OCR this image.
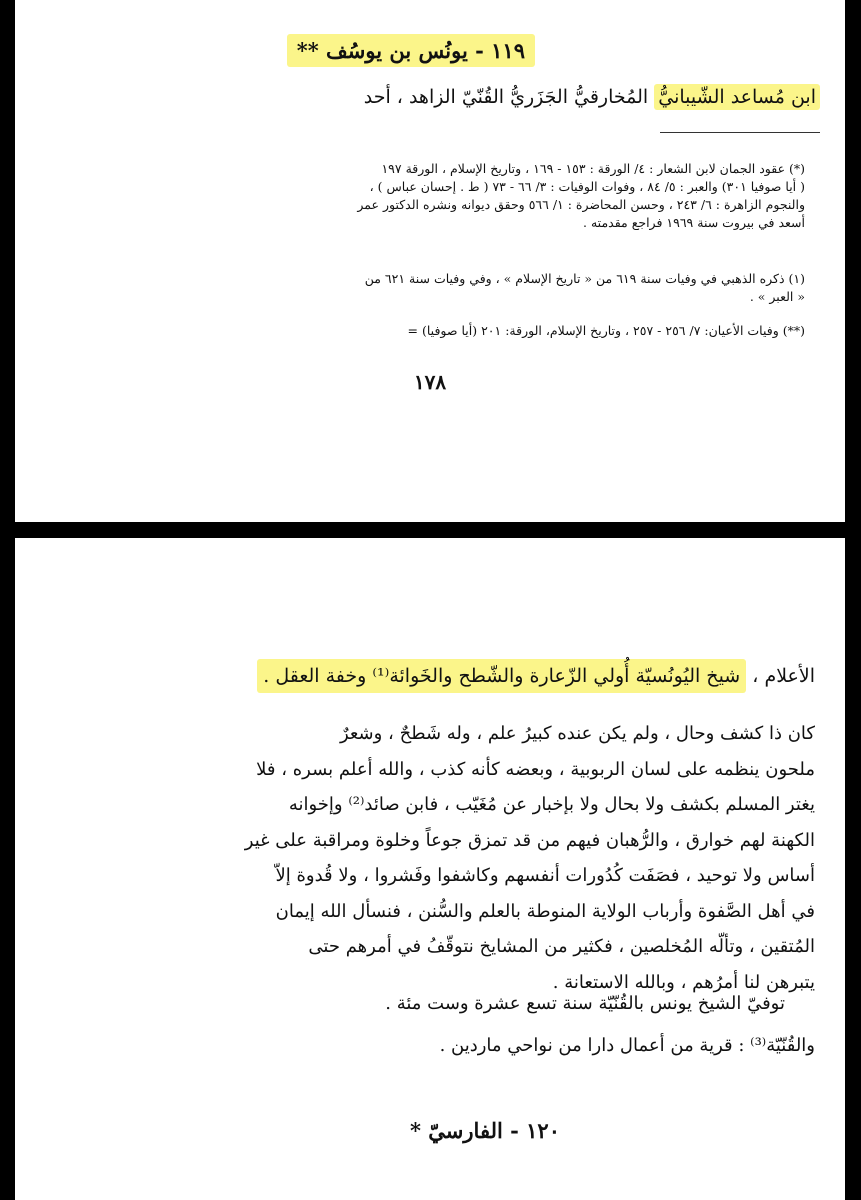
١١٩ - يونُس بن يوسُف **
ابن مُساعد الشّيبانيُّ المُخارقيُّ الجَزَريُّ القُنّيّ الزاهد ، أحد
(*) عقود الجمان لابن الشعار : ٤/ الورقة : ١٥٣ - ١٦٩ ، وتاريخ الإسلام ، الورقة ١٩٧
( أيا صوفيا ٣٠١) والعبر : ٥/ ٨٤ ، وفوات الوفيات : ٣/ ٦٦ - ٧٣ ( ط . إحسان عباس ) ،
والنجوم الزاهرة : ٦/ ٢٤٣ ، وحسن المحاضرة : ١/ ٥٦٦ وحقق ديوانه ونشره الدكتور عمر
أسعد في بيروت سنة ١٩٦٩ فراجع مقدمته .
(١) ذكره الذهبي في وفيات سنة ٦١٩ من « تاريخ الإسلام » ، وفي وفيات سنة ٦٢١ من
« العبر » .
(**) وفيات الأعيان: ٧/ ٢٥٦ - ٢٥٧ ، وتاريخ الإسلام، الورقة: ٢٠١ (أيا صوفيا) =
١٧٨
الأعلام ، شيخ اليُونُسيّة أُولي الزّعارة والشّطح والخَوائة⁽¹⁾ وخفة العقل .
كان ذا كشف وحال ، ولم يكن عنده كبيرُ علم ، وله شَطحٌ ، وشعرٌ
ملحون ينظمه على لسان الربوبية ، وبعضه كأنه كذب ، والله أعلم بسره ، فلا
يغتر المسلم بكشف ولا بحال ولا بإخبار عن مُغَيّب ، فابن صائد⁽²⁾ وإخوانه
الكهنة لهم خوارق ، والرُّهبان فيهم من قد تمزق جوعاً وخلوة ومراقبة على غير
أساس ولا توحيد ، فصَفَت كُدُورات أنفسهم وكاشفوا وفَشروا ، ولا قُدوة إلاّ
في أهل الصَّفوة وأرباب الولاية المنوطة بالعلم والسُّنن ، فنسأل الله إيمان
المُتقين ، وتألّه المُخلصين ، فكثير من المشايخ نتوقّفُ في أمرهم حتى
يتبرهن لنا أمرُهم ، وبالله الاستعانة .
توفيّ الشيخ يونس بالقُنّيّة سنة تسع عشرة وست مئة .
والقُنّيّة⁽³⁾ : قرية من أعمال دارا من نواحي ماردين .
١٢٠ - الفارسيّ *
